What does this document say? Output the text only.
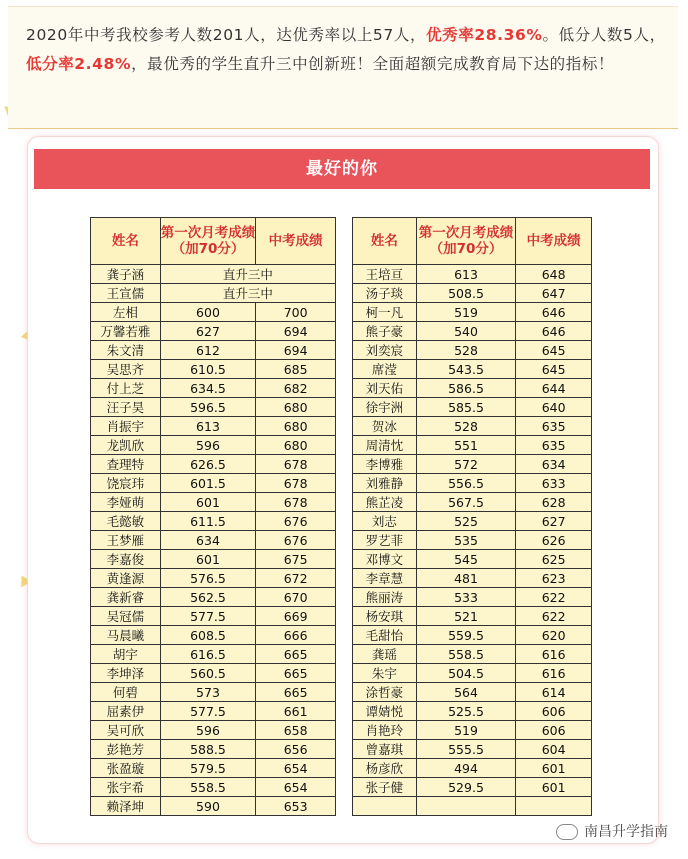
2020年中考我校参考人数201人，达优秀率以上57人，优秀率28.36%。低分人数5人，低分率2.48%，最优秀的学生直升三中创新班！全面超额完成教育局下达的指标！

最好的你
姓名	第一次月考成绩（加70分）	中考成绩
龚子涵	直升三中	
王宣儒	直升三中	
左相	600	700
万馨若雅	627	694
朱文清	612	694
吴思齐	610.5	685
付上芝	634.5	682
汪子昊	596.5	680
肖振宇	613	680
龙凯欣	596	680
查理特	626.5	678
饶宸玮	601.5	678
李娅萌	601	678
毛懿敏	611.5	676
王梦雁	634	676
李嘉俊	601	675
黄逢源	576.5	672
龚新睿	562.5	670
吴冠儒	577.5	669
马晨曦	608.5	666
胡宇	616.5	665
李坤泽	560.5	665
何碧	573	665
屈素伊	577.5	661
吴可欣	596	658
彭艳芳	588.5	656
张盈璇	579.5	654
张宇希	558.5	654
赖泽坤	590	653
姓名	第一次月考成绩（加70分）	中考成绩
王培亘	613	648
汤子琰	508.5	647
柯一凡	519	646
熊子豪	540	646
刘奕宸	528	645
席滢	543.5	645
刘天佑	586.5	644
徐宇洲	585.5	640
贺冰	528	635
周清忱	551	635
李博雅	572	634
刘雅静	556.5	633
熊芷凌	567.5	628
刘志	525	627
罗艺菲	535	626
邓博文	545	625
李章慧	481	623
熊丽涛	533	622
杨安琪	521	622
毛甜怡	559.5	620
龚瑶	558.5	616
朱宇	504.5	616
涂哲豪	564	614
谭婧悦	525.5	606
肖艳玲	519	606
曾嘉琪	555.5	604
杨彦欣	494	601
张子健	529.5	601

南昌升学指南
